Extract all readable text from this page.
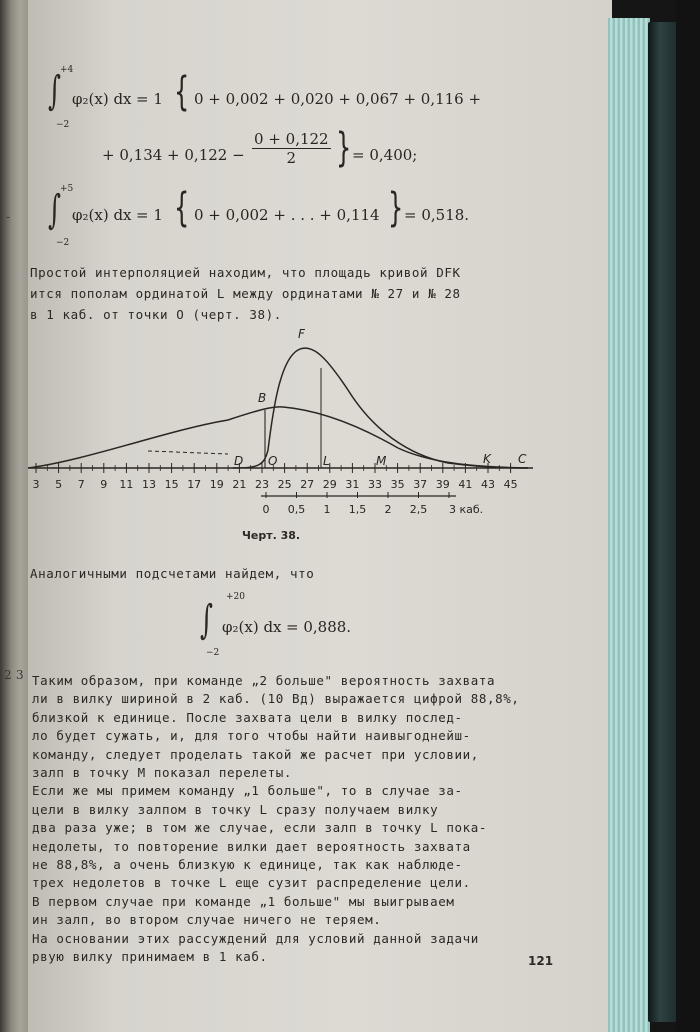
2 3
-
+4
∫
−2
φ₂(x) dx = 1 { 0 + 0,002 + 0,020 + 0,067 + 0,116 +
+ $0,134 + 0,122 - \frac{0 + 0,122}{2}$ } = 0,400;
+5
∫
−2
φ₂(x) dx = 1 { 0 + 0,002 + . . . + 0,114 } = 0,518.
Простой интерполяцией находим, что площадь кривой DFK
ится пополам ординатой L между ординатами № 27 и № 28
в 1 каб. от точки O (черт. 38).
3 5 7 9 11 13 15 17 19 21 23 25 27 29 31 33 35 37 39 41 43 45
0 0,5 1 1,5 2 2,5 3 каб.
F
B
D O	L	M	K C
Черт. 38.
Аналогичными подсчетами найдем, что
+20
∫
−2
φ₂(x) dx = 0,888.
Таким образом, при команде „2 больше" вероятность захвата
ли в вилку шириной в 2 каб. (10 Вд) выражается цифрой 88,8%,
близкой к единице. После захвата цели в вилку послед-
ло будет сужать, и, для того чтобы найти наивыгоднейш-
команду, следует проделать такой же расчет при условии,
залп в точку M показал перелеты.
Если же мы примем команду „1 больше", то в случае за-
цели в вилку залпом в точку L сразу получаем вилку
два раза уже; в том же случае, если залп в точку L пока-
недолеты, то повторение вилки дает вероятность захвата
не 88,8%, а очень близкую к единице, так как наблюде-
трех недолетов в точке L еще сузит распределение цели.
В первом случае при команде „1 больше" мы выигрываем
ин залп, во втором случае ничего не теряем.
На основании этих рассуждений для условий данной задачи
рвую вилку принимаем в 1 каб.	121
